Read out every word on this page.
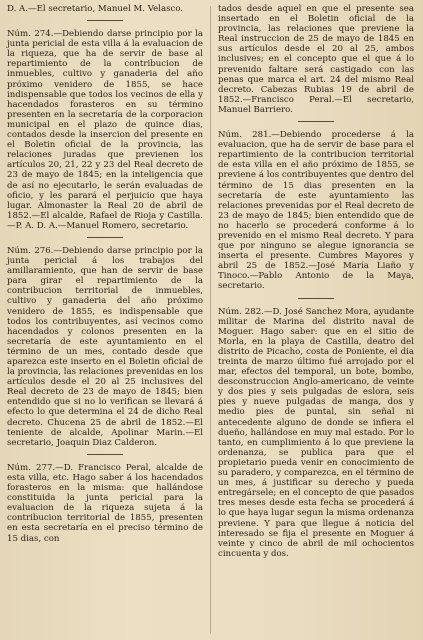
D. A.—El secretario, Manuel M. Velasco.

Núm. 274.—Debiendo darse principio por la junta pericial de esta villa á la evaluacion de la riqueza, que ha de servir de base al repartimiento de la contribucion de inmuebles, cultivo y ganaderia del año próximo venidero de 1855, se hace indispensable que todos los vecinos de ella y hacendados forasteros en su término presenten en la secretaría de la corporacion municipal en el plazo de quince dias, contados desde la insercion del presente en el Boletin oficial de la provincia, las relaciones juradas que previenen los artículos 20, 21, 22 y 23 del Real decreto de 23 de mayo de 1845; en la inteligencia que de así no ejecutarlo, le serán evaluadas de oficio, y les parará el perjuicio que haya lugar. Almonaster la Real 20 de abril de 1852.—El alcalde, Rafael de Rioja y Castilla.—P. A. D. A.—Manuel Romero, secretario.

Núm. 276.—Debiendo darse principio por la junta pericial á los trabajos del amillaramiento, que han de servir de base para girar el repartimiento de la contribucion territorial de inmuebles, cultivo y ganaderia del año próximo venidero de 1855, es indispensable que todos los contribuyentes, así vecinos como hacendados y colonos presenten en la secretaría de este ayuntamiento en el término de un mes, contado desde que aparezca este inserto en el Boletin oficial de la provincia, las relaciones prevenidas en los artículos desde el 20 al 25 inclusives del Real decreto de 23 de mayo de 1845; bien entendido que si no lo verifican se llevará á efecto lo que determina el 24 de dicho Real decreto. Chucena 25 de abril de 1852.—El teniente de alcalde, Apolinar Marin.—El secretario, Joaquin Diaz Calderon.

Núm. 277.—D. Francisco Peral, alcalde de esta villa, etc. Hago saber á los hacendados forasteros en la misma: que hallándose constituida la junta pericial para la evaluacion de la riqueza sujeta á la contribucion territorial de 1855, presenten en esta secretaría en el preciso término de 15 dias, con

tados desde aquel en que el presente sea insertado en el Boletin oficial de la provincia, las relaciones que previene la Real instruccion de 25 de mayo de 1845 en sus artículos desde el 20 al 25, ambos inclusives; en el concepto que el que á lo prevenido faltare será castigado con las penas que marca el art. 24 del mismo Real decreto. Cabezas Rubias 19 de abril de 1852.—Francisco Peral.—El secretario, Manuel Barriero.

Núm. 281.—Debiendo procederse á la evaluacion, que ha de servir de base para el repartimiento de la contribucion territorial de esta villa en el año próximo de 1855, se previene á los contribuyentes que dentro del término de 15 dias presenten en la secretaría de este ayuntamiento las relaciones prevenidas por el Real decreto de 23 de mayo de 1845; bien entendido que de no hacerlo se procederá conforme á lo prevenido en el mismo Real decreto. Y para que por ninguno se alegue ignorancia se inserta el presente. Cumbres Mayores y abril 25 de 1852.—José María Liaño y Tinoco.—Pablo Antonio de la Maya, secretario.

Núm. 282.—D. José Sanchez Mora, ayudante militar de Marina del distrito naval de Moguer. Hago saber: que en el sitio de Morla, en la playa de Castilla, deatro del distrito de Picacho, costa de Poniente, el dia treinta de marzo último fué arrojado por el mar, efectos del temporal, un bote, bombo, desconstruccion Anglo-americano, de veinte y dos pies y seis pulgadas de eslora, seis pies y nueve pulgadas de manga, dos y medio pies de puntal, sin señal ni antecedente alguno de donde se infiera el dueño, hallándose en muy mal estado. Por lo tanto, en cumplimiento á lo que previene la ordenanza, se publica para que el propietario pueda venir en conocimiento de su paradero, y comparezca, en el término de un mes, á justificar su derecho y pueda entregársele; en el concepto de que pasados tres meses desde esta fecha se procederá á lo que haya lugar segun la misma ordenanza previene. Y para que llegue á noticia del interesado se fija el presente en Moguer á veinte y cinco de abril de mil ochocientos cincuenta y dos.
